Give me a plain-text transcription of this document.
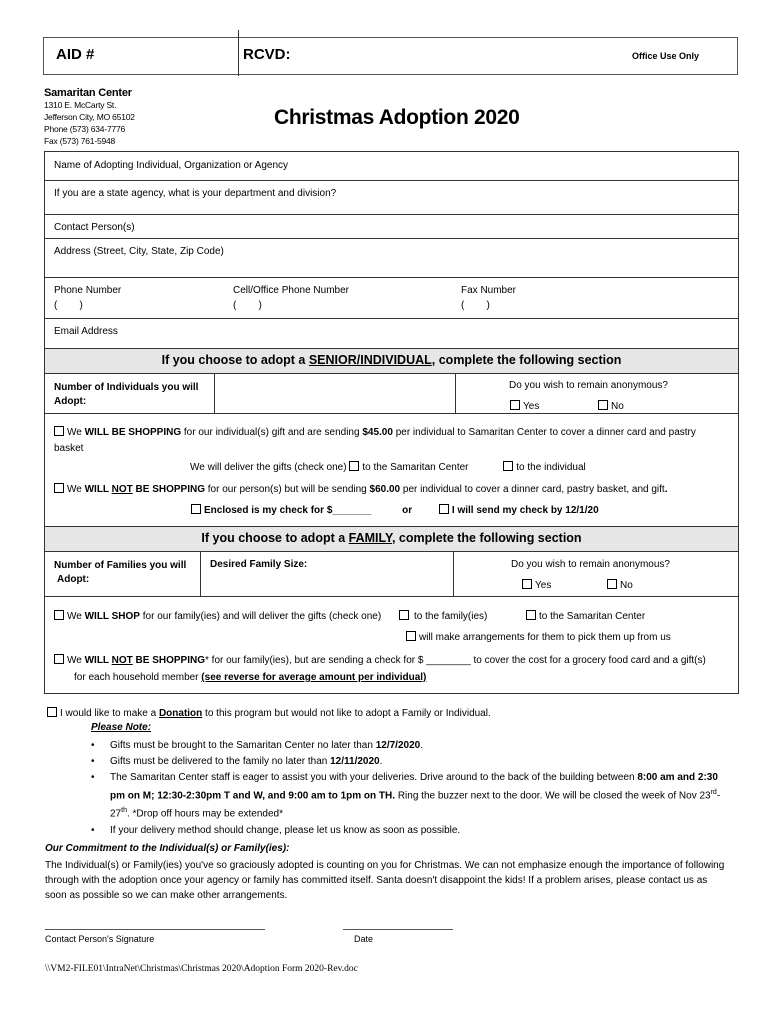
AID #	RCVD:	Office Use Only
Samaritan Center
1310 E. McCarty St.
Jefferson City, MO 65102
Phone (573) 634-7776
Fax (573) 761-5948
Christmas Adoption 2020
Name of Adopting Individual, Organization or Agency
If you are a state agency, what is your department and division?
Contact Person(s)
Address (Street, City, State, Zip Code)
Phone Number
(        )
Cell/Office Phone Number
(        )
Fax Number
(        )
Email Address
If you choose to adopt a SENIOR/INDIVIDUAL, complete the following section
Number of Individuals you will
Adopt:
Do you wish to remain anonymous?
Yes	No
We WILL BE SHOPPING for our individual(s) gift and are sending $45.00 per individual to Samaritan Center to cover a dinner card and pastry
basket
We will deliver the gifts (check one) to the Samaritan Center	to the individual
We WILL NOT BE SHOPPING for our person(s) but will be sending $60.00 per individual to cover a dinner card, pastry basket, and gift.
Enclosed is my check for $_______	or	I will send my check by 12/1/20
If you choose to adopt a FAMILY, complete the following section
Number of Families you will
Adopt:
Desired Family Size:	Do you wish to remain anonymous?
Yes	No
We WILL SHOP for our family(ies) and will deliver the gifts (check one)	to the family(ies)	to the Samaritan Center
will make arrangements for them to pick them up from us
We WILL NOT BE SHOPPING* for our family(ies), but are sending a check for $ ________ to cover the cost for a grocery food card and a gift(s)
for each household member (see reverse for average amount per individual)
I would like to make a Donation to this program but would not like to adopt a Family or Individual.
Please Note:
• Gifts must be brought to the Samaritan Center no later than 12/7/2020.
• Gifts must be delivered to the family no later than 12/11/2020.
• The Samaritan Center staff is eager to assist you with your deliveries. Drive around to the back of the building between 8:00 am and 2:30 pm on M; 12:30-2:30pm T and W, and 9:00 am to 1pm on TH. Ring the buzzer next to the door. We will be closed the week of Nov 23rd-27th. *Drop off hours may be extended*
• If your delivery method should change, please let us know as soon as possible.
Our Commitment to the Individual(s) or Family(ies):
The Individual(s) or Family(ies) you've so graciously adopted is counting on you for Christmas. We can not emphasize enough the importance of following through with the adoption once your agency or family has committed itself. Santa doesn't disappoint the kids! If a problem arises, please contact us as soon as possible so we can make other arrangements.
Contact Person's Signature	Date
\\VM2-FILE01\IntraNet\Christmas\Christmas 2020\Adoption Form 2020-Rev.doc
